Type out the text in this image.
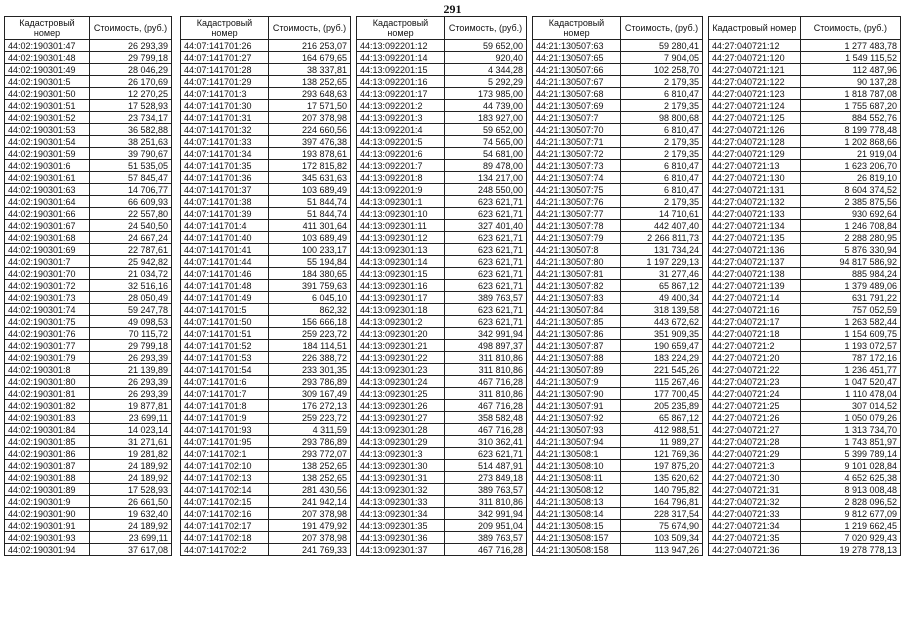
291
Кадастровый номер	Стоимость, (руб.)
44:02:190301:47	26 293,39
44:02:190301:48	29 799,18
44:02:190301:49	28 046,29
44:02:190301:5	26 170,69
44:02:190301:50	12 270,25
44:02:190301:51	17 528,93
44:02:190301:52	23 734,17
44:02:190301:53	36 582,88
44:02:190301:54	38 251,63
44:02:190301:59	39 790,67
44:02:190301:6	51 535,05
44:02:190301:61	57 845,47
44:02:190301:63	14 706,77
44:02:190301:64	66 609,93
44:02:190301:66	22 557,80
44:02:190301:67	24 540,50
44:02:190301:68	24 667,24
44:02:190301:69	22 787,61
44:02:190301:7	25 942,82
44:02:190301:70	21 034,72
44:02:190301:72	32 516,16
44:02:190301:73	28 050,49
44:02:190301:74	59 247,78
44:02:190301:75	49 098,53
44:02:190301:76	70 115,72
44:02:190301:77	29 799,18
44:02:190301:79	26 293,39
44:02:190301:8	21 139,89
44:02:190301:80	26 293,39
44:02:190301:81	26 293,39
44:02:190301:82	19 877,81
44:02:190301:83	23 699,11
44:02:190301:84	14 023,14
44:02:190301:85	31 271,61
44:02:190301:86	19 281,82
44:02:190301:87	24 189,92
44:02:190301:88	24 189,92
44:02:190301:89	17 528,93
44:02:190301:9	26 661,50
44:02:190301:90	19 632,40
44:02:190301:91	24 189,92
44:02:190301:93	23 699,11
44:02:190301:94	37 617,08
Кадастровый номер	Стоимость, (руб.)
44:07:141701:26	216 253,07
44:07:141701:27	164 679,65
44:07:141701:28	38 337,81
44:07:141701:29	138 252,65
44:07:141701:3	293 648,63
44:07:141701:30	17 571,50
44:07:141701:31	207 378,98
44:07:141701:32	224 660,56
44:07:141701:33	397 476,38
44:07:141701:34	193 878,61
44:07:141701:35	172 815,82
44:07:141701:36	345 631,63
44:07:141701:37	103 689,49
44:07:141701:38	51 844,74
44:07:141701:39	51 844,74
44:07:141701:4	411 301,64
44:07:141701:40	103 689,49
44:07:141701:41	100 233,17
44:07:141701:44	55 194,84
44:07:141701:46	184 380,65
44:07:141701:48	391 759,63
44:07:141701:49	6 045,10
44:07:141701:5	862,32
44:07:141701:50	156 666,18
44:07:141701:51	259 223,72
44:07:141701:52	184 114,51
44:07:141701:53	226 388,72
44:07:141701:54	233 301,35
44:07:141701:6	293 786,89
44:07:141701:7	309 167,49
44:07:141701:8	176 272,13
44:07:141701:9	259 223,72
44:07:141701:93	4 311,59
44:07:141701:95	293 786,89
44:07:141702:1	293 772,07
44:07:141702:10	138 252,65
44:07:141702:13	138 252,65
44:07:141702:14	281 430,56
44:07:141702:15	241 942,14
44:07:141702:16	207 378,98
44:07:141702:17	191 479,92
44:07:141702:18	207 378,98
44:07:141702:2	241 769,33
Кадастровый номер	Стоимость, (руб.)
44:13:092201:12	59 652,00
44:13:092201:14	920,40
44:13:092201:15	4 344,28
44:13:092201:16	5 292,29
44:13:092201:17	173 985,00
44:13:092201:2	44 739,00
44:13:092201:3	183 927,00
44:13:092201:4	59 652,00
44:13:092201:5	74 565,00
44:13:092201:6	54 681,00
44:13:092201:7	89 478,00
44:13:092201:8	134 217,00
44:13:092201:9	248 550,00
44:13:092301:1	623 621,71
44:13:092301:10	623 621,71
44:13:092301:11	327 401,40
44:13:092301:12	623 621,71
44:13:092301:13	623 621,71
44:13:092301:14	623 621,71
44:13:092301:15	623 621,71
44:13:092301:16	623 621,71
44:13:092301:17	389 763,57
44:13:092301:18	623 621,71
44:13:092301:2	623 621,71
44:13:092301:20	342 991,94
44:13:092301:21	498 897,37
44:13:092301:22	311 810,86
44:13:092301:23	311 810,86
44:13:092301:24	467 716,28
44:13:092301:25	311 810,86
44:13:092301:26	467 716,28
44:13:092301:27	358 582,48
44:13:092301:28	467 716,28
44:13:092301:29	310 362,41
44:13:092301:3	623 621,71
44:13:092301:30	514 487,91
44:13:092301:31	273 849,18
44:13:092301:32	389 763,57
44:13:092301:33	311 810,86
44:13:092301:34	342 991,94
44:13:092301:35	209 951,04
44:13:092301:36	389 763,57
44:13:092301:37	467 716,28
Кадастровый номер	Стоимость, (руб.)
44:21:130507:63	59 280,41
44:21:130507:65	7 904,05
44:21:130507:66	102 258,70
44:21:130507:67	2 179,35
44:21:130507:68	6 810,47
44:21:130507:69	2 179,35
44:21:130507:7	98 800,68
44:21:130507:70	6 810,47
44:21:130507:71	2 179,35
44:21:130507:72	2 179,35
44:21:130507:73	6 810,47
44:21:130507:74	6 810,47
44:21:130507:75	6 810,47
44:21:130507:76	2 179,35
44:21:130507:77	14 710,61
44:21:130507:78	442 407,40
44:21:130507:79	2 266 811,73
44:21:130507:8	131 734,24
44:21:130507:80	1 197 229,13
44:21:130507:81	31 277,46
44:21:130507:82	65 867,12
44:21:130507:83	49 400,34
44:21:130507:84	318 139,58
44:21:130507:85	443 672,62
44:21:130507:86	351 909,35
44:21:130507:87	190 659,47
44:21:130507:88	183 224,29
44:21:130507:89	221 545,26
44:21:130507:9	115 267,46
44:21:130507:90	177 700,45
44:21:130507:91	205 235,89
44:21:130507:92	65 867,12
44:21:130507:93	412 988,51
44:21:130507:94	11 989,27
44:21:130508:1	121 769,36
44:21:130508:10	197 875,20
44:21:130508:11	135 620,62
44:21:130508:12	140 795,82
44:21:130508:13	164 796,81
44:21:130508:14	228 317,54
44:21:130508:15	75 674,90
44:21:130508:157	103 509,34
44:21:130508:158	113 947,26
Кадастровый номер	Стоимость, (руб.)
44:27:040721:12	1 277 483,78
44:27:040721:120	1 549 115,52
44:27:040721:121	112 487,96
44:27:040721:122	90 137,28
44:27:040721:123	1 818 787,08
44:27:040721:124	1 755 687,20
44:27:040721:125	884 552,76
44:27:040721:126	8 199 778,48
44:27:040721:128	1 202 868,66
44:27:040721:129	21 919,04
44:27:040721:13	1 623 206,70
44:27:040721:130	26 819,10
44:27:040721:131	8 604 374,52
44:27:040721:132	2 385 875,56
44:27:040721:133	930 692,64
44:27:040721:134	1 246 708,84
44:27:040721:135	2 288 280,95
44:27:040721:136	5 876 330,94
44:27:040721:137	94 817 586,92
44:27:040721:138	885 984,24
44:27:040721:139	1 379 489,06
44:27:040721:14	631 791,22
44:27:040721:16	757 052,59
44:27:040721:17	1 263 582,44
44:27:040721:18	1 154 609,75
44:27:040721:2	1 193 072,57
44:27:040721:20	787 172,16
44:27:040721:22	1 236 451,77
44:27:040721:23	1 047 520,47
44:27:040721:24	1 110 478,04
44:27:040721:25	307 014,52
44:27:040721:26	1 050 079,26
44:27:040721:27	1 313 734,70
44:27:040721:28	1 743 851,97
44:27:040721:29	5 399 789,14
44:27:040721:3	9 101 028,84
44:27:040721:30	4 652 625,38
44:27:040721:31	8 913 008,48
44:27:040721:32	2 828 096,52
44:27:040721:33	9 812 677,09
44:27:040721:34	1 219 662,45
44:27:040721:35	7 020 929,43
44:27:040721:36	19 278 778,13
